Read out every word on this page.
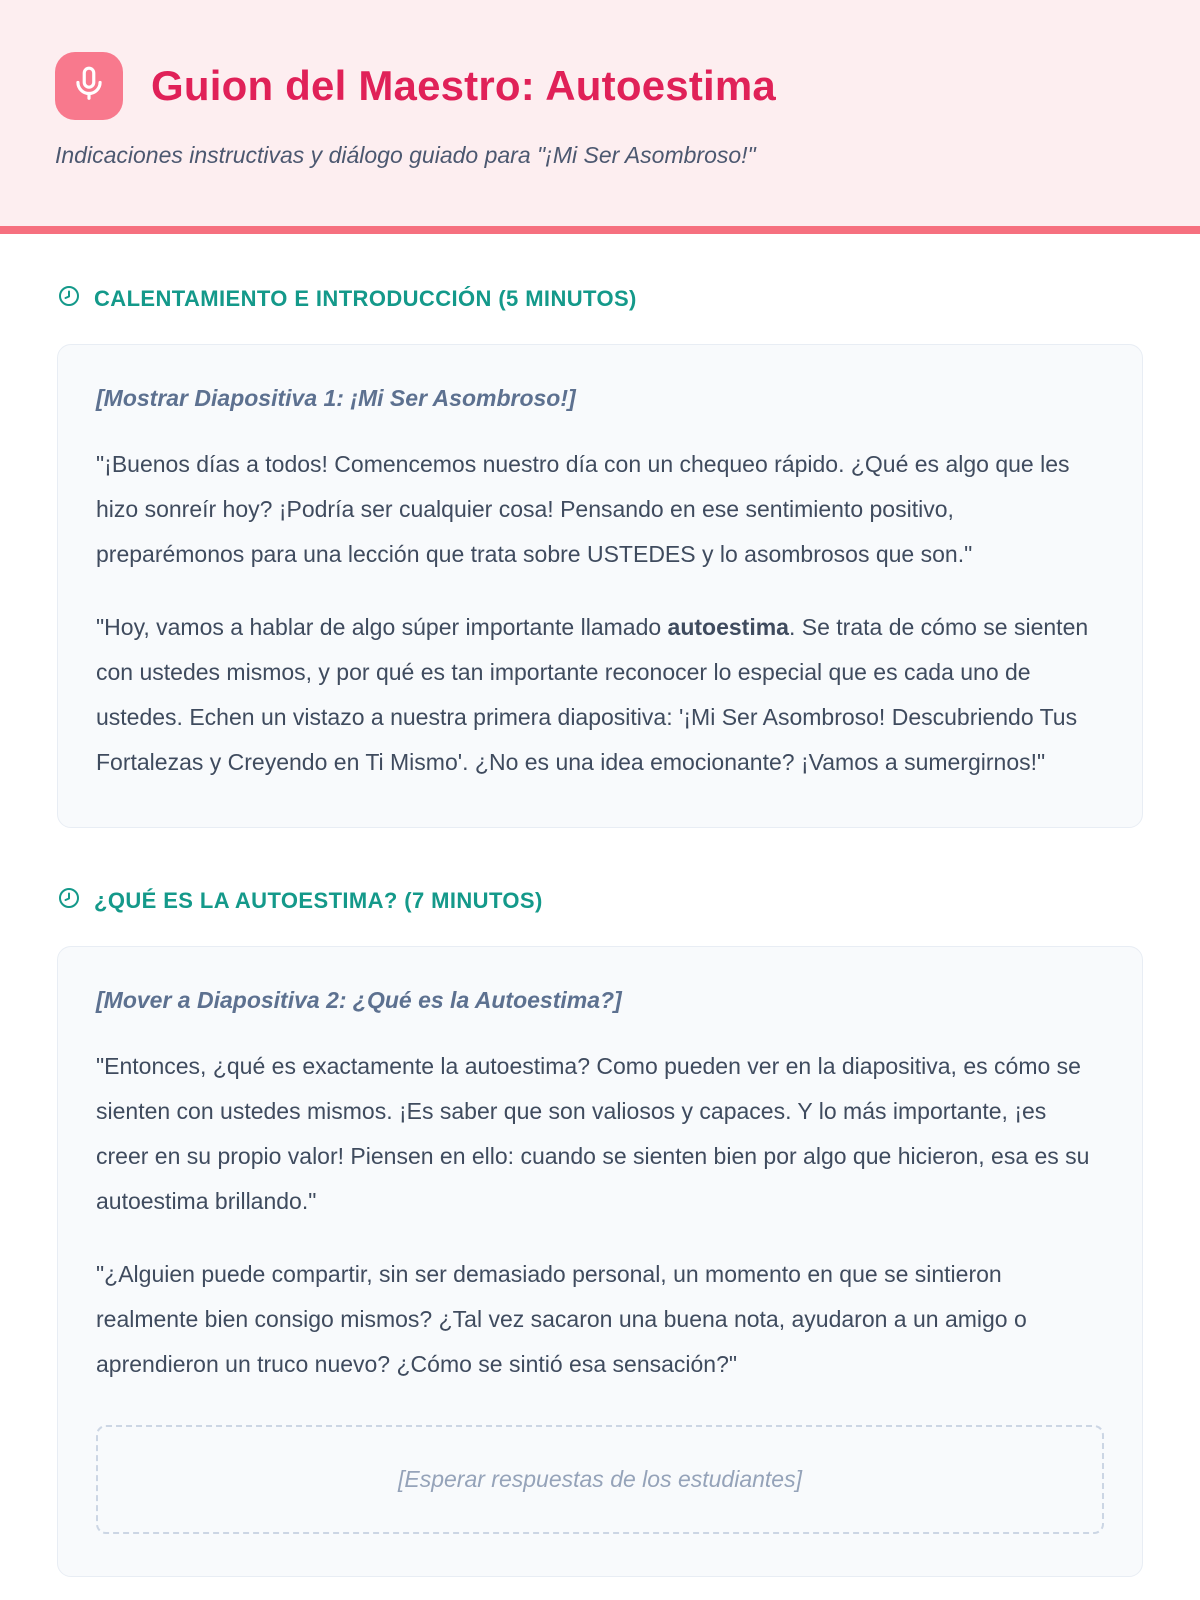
Guion del Maestro: Autoestima

Indicaciones instructivas y diálogo guiado para "¡Mi Ser Asombroso!"

CALENTAMIENTO E INTRODUCCIÓN (5 MINUTOS)

[Mostrar Diapositiva 1: ¡Mi Ser Asombroso!]

"¡Buenos días a todos! Comencemos nuestro día con un chequeo rápido. ¿Qué es algo que les hizo sonreír hoy? ¡Podría ser cualquier cosa! Pensando en ese sentimiento positivo, preparémonos para una lección que trata sobre USTEDES y lo asombrosos que son."

"Hoy, vamos a hablar de algo súper importante llamado autoestima. Se trata de cómo se sienten con ustedes mismos, y por qué es tan importante reconocer lo especial que es cada uno de ustedes. Echen un vistazo a nuestra primera diapositiva: '¡Mi Ser Asombroso! Descubriendo Tus Fortalezas y Creyendo en Ti Mismo'. ¿No es una idea emocionante? ¡Vamos a sumergirnos!"

¿QUÉ ES LA AUTOESTIMA? (7 MINUTOS)

[Mover a Diapositiva 2: ¿Qué es la Autoestima?]

"Entonces, ¿qué es exactamente la autoestima? Como pueden ver en la diapositiva, es cómo se sienten con ustedes mismos. ¡Es saber que son valiosos y capaces. Y lo más importante, ¡es creer en su propio valor! Piensen en ello: cuando se sienten bien por algo que hicieron, esa es su autoestima brillando."

"¿Alguien puede compartir, sin ser demasiado personal, un momento en que se sintieron realmente bien consigo mismos? ¿Tal vez sacaron una buena nota, ayudaron a un amigo o aprendieron un truco nuevo? ¿Cómo se sintió esa sensación?"

[Esperar respuestas de los estudiantes]
